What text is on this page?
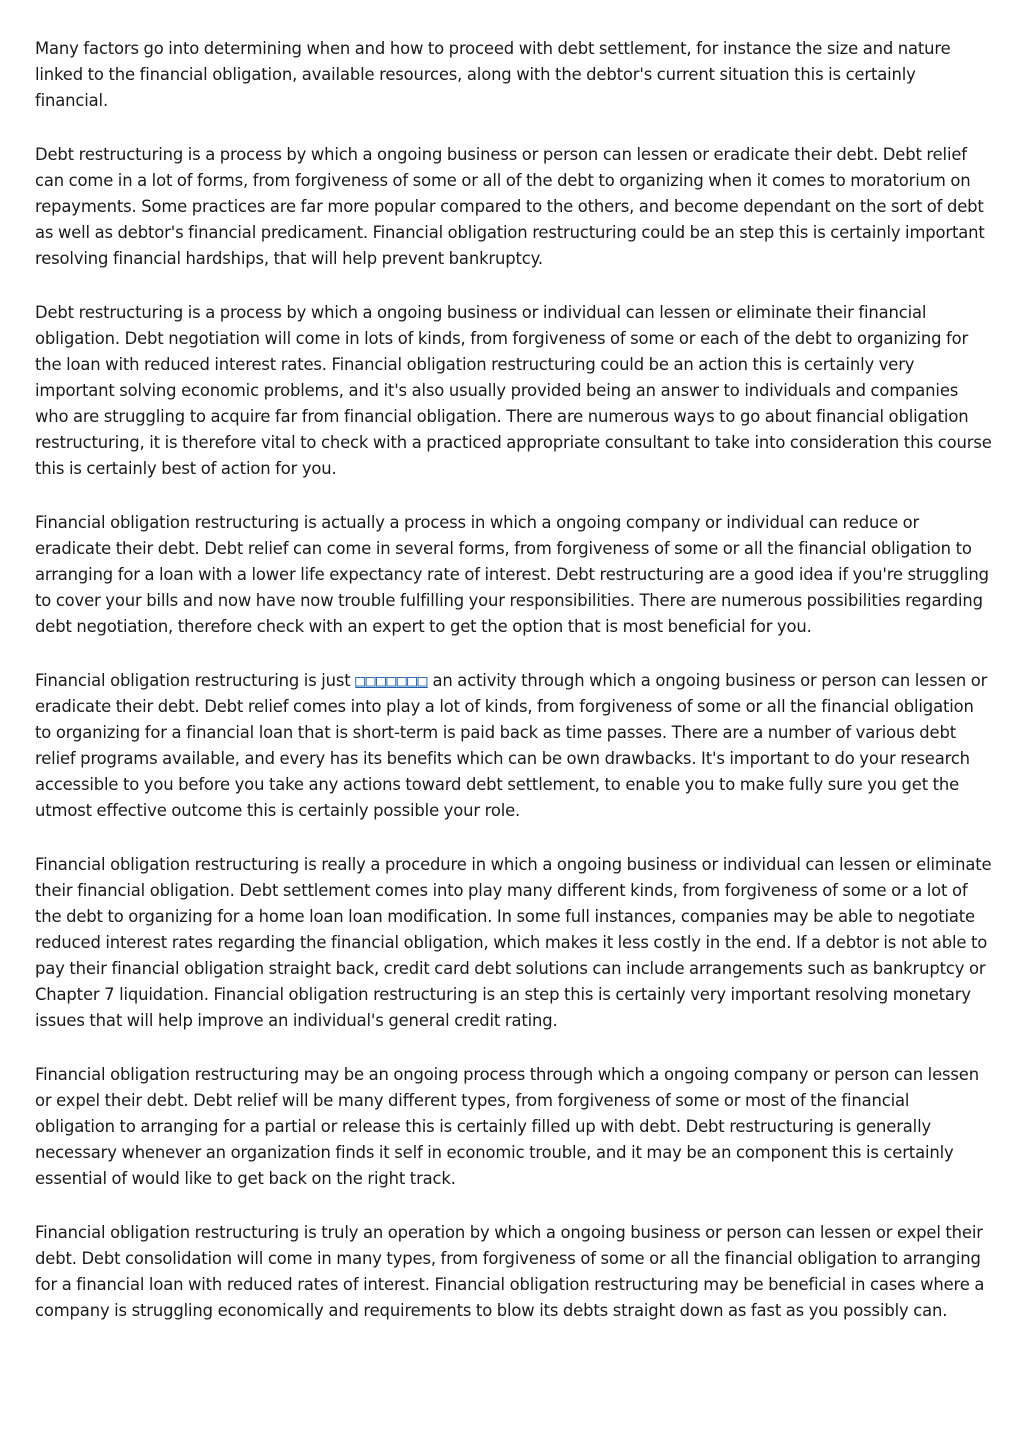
Many factors go into determining when and how to proceed with debt settlement, for instance the size and nature linked to the financial obligation, available resources, along with the debtor's current situation this is certainly financial.

Debt restructuring is a process by which a ongoing business or person can lessen or eradicate their debt. Debt relief can come in a lot of forms, from forgiveness of some or all of the debt to organizing when it comes to moratorium on repayments. Some practices are far more popular compared to the others, and become dependant on the sort of debt as well as debtor's financial predicament. Financial obligation restructuring could be an step this is certainly important resolving financial hardships, that will help prevent bankruptcy.

Debt restructuring is a process by which a ongoing business or individual can lessen or eliminate their financial obligation. Debt negotiation will come in lots of kinds, from forgiveness of some or each of the debt to organizing for the loan with reduced interest rates. Financial obligation restructuring could be an action this is certainly very important solving economic problems, and it's also usually provided being an answer to individuals and companies who are struggling to acquire far from financial obligation. There are numerous ways to go about financial obligation restructuring, it is therefore vital to check with a practiced appropriate consultant to take into consideration this course this is certainly best of action for you.

Financial obligation restructuring is actually a process in which a ongoing company or individual can reduce or eradicate their debt. Debt relief can come in several forms, from forgiveness of some or all the financial obligation to arranging for a loan with a lower life expectancy rate of interest. Debt restructuring are a good idea if you're struggling to cover your bills and now have now trouble fulfilling your responsibilities. There are numerous possibilities regarding debt negotiation, therefore check with an expert to get the option that is most beneficial for you.

Financial obligation restructuring is just □□□□□□□ an activity through which a ongoing business or person can lessen or eradicate their debt. Debt relief comes into play a lot of kinds, from forgiveness of some or all the financial obligation to organizing for a financial loan that is short-term is paid back as time passes. There are a number of various debt relief programs available, and every has its benefits which can be own drawbacks. It's important to do your research accessible to you before you take any actions toward debt settlement, to enable you to make fully sure you get the utmost effective outcome this is certainly possible your role.

Financial obligation restructuring is really a procedure in which a ongoing business or individual can lessen or eliminate their financial obligation. Debt settlement comes into play many different kinds, from forgiveness of some or a lot of the debt to organizing for a home loan loan modification. In some full instances, companies may be able to negotiate reduced interest rates regarding the financial obligation, which makes it less costly in the end. If a debtor is not able to pay their financial obligation straight back, credit card debt solutions can include arrangements such as bankruptcy or Chapter 7 liquidation. Financial obligation restructuring is an step this is certainly very important resolving monetary issues that will help improve an individual's general credit rating.

Financial obligation restructuring may be an ongoing process through which a ongoing company or person can lessen or expel their debt. Debt relief will be many different types, from forgiveness of some or most of the financial obligation to arranging for a partial or release this is certainly filled up with debt. Debt restructuring is generally necessary whenever an organization finds it self in economic trouble, and it may be an component this is certainly essential of would like to get back on the right track.

Financial obligation restructuring is truly an operation by which a ongoing business or person can lessen or expel their debt. Debt consolidation will come in many types, from forgiveness of some or all the financial obligation to arranging for a financial loan with reduced rates of interest. Financial obligation restructuring may be beneficial in cases where a company is struggling economically and requirements to blow its debts straight down as fast as you possibly can.
